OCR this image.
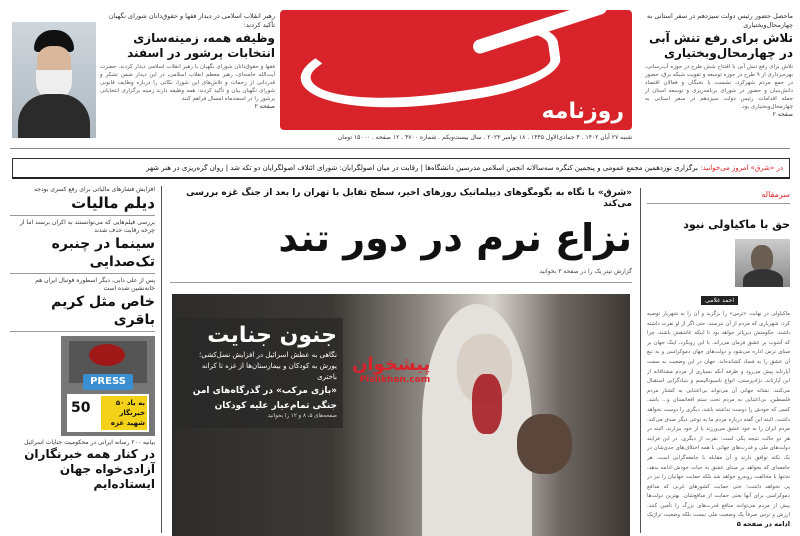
رهبر انقلاب اسلامی در دیدار فقها و حقوق‌دانان شورای نگهبان تأکید کردند:
وظیفه همه، زمینه‌سازی انتخابات پرشور در اسفند
فقها و حقوق‌دانان شورای نگهبان با رهبر انقلاب اسلامی دیدار کردند. حضرت آیت‌الله خامنه‌ای، رهبر معظم انقلاب اسلامی، در این دیدار ضمن تشکر و قدردانی از زحمات و تلاش‌های این شورا، نکاتی را درباره وظایف قانونی شورای نگهبان بیان و تأکید کردند: همه وظیفه دارند زمینه برگزاری انتخاباتی پرشور را در اسفندماه امسال فراهم کنند.
صفحه ۲	روزنامه
شنبه ۲۷ آبان ۱۴۰۲ . ۴ جمادی‌الاول ۱۴۴۵ . ۱۸ نوامبر ۲۰۲۳ . سال بیست‌ویکم . شماره ۴۷۰۰ . ۱۲ صفحه . ۱۵۰۰۰ تومان
ماحصل حضور رئیس دولت سیزدهم در سفر استانی به چهارمحال‌وبختیاری
تلاش برای رفع تنش آبی در چهارمحال‌وبختیاری
تلاش برای رفع تنش آبی با افتتاح شش طرح در حوزه آب‌رسانی، بهره‌برداری از ۹ طرح در حوزه توسعه و تقویت شبکه برق، حضور در جمع مردم شهرکرد، نشست با نخبگان و فعالان اقتصاد دانش‌بنیان و حضور در شورای برنامه‌ریزی و توسعه استان از جمله اقدامات رئیس دولت سیزدهم در سفر استانی به چهارمحال‌وبختیاری بود.
صفحه ۲
در «شرق» امروز می‌خوانید: برگزاری نوزدهمین مجمع عمومی و پنجمین کنگره سه‌سالانه انجمن اسلامی مدرسین دانشگاه‌ها | رقابت در میان اصولگرایان: شورای ائتلاف اصولگرایان دو تکه شد | روان گره‌ریزی در هنر شهر
افزایش فشارهای مالیاتی برای رفع کسری بودجه
دیلم مالیات
بررسی فیلم‌هایی که می‌توانستند به اکران برسند اما از چرخه رقابت حذف شدند
سینما در چنبره تک‌صدایی
پس از علی دایی، دیگر اسطوره فوتبال ایران هم خانه‌نشین شده است
خاص مثل کریم باقری
PRESS
50	به یاد ۵۰ خبرنگار شهید غزه
بیانیه ۲۰۰ رسانه ایرانی در محکومیت جنایات اسرائیل
در کنار همه خبرنگاران آزادی‌خواه جهان ایستاده‌ایم
«شرق» با نگاه به بگومگوهای دیپلماتیک روزهای اخیر، سطح تقابل با تهران را بعد از جنگ غزه بررسی می‌کند
نزاع نرم در دور تند
گزارش تیتر یک را در صفحه ۳ بخوانید
پیشخوان
Pishkhan.com
جنون جنایت
نگاهی به عطش اسرائیل در افزایش نسل‌کشی؛ یورش به کودکان و بیمارستان‌ها از غزه تا کرانه باختری
«بازی مرکب» در گذرگاه‌های امن
جنگی تمام‌عیار علیه کودکان
صفحه‌های ۵، ۸ و ۱۲ را بخوانید
سرمقاله
حق با ماکیاولی نبود
احمد غلامی
ماکیاولی در نهایت «ترس» را برگزید و آن را به شهریار توصیه کرد: شهریاری که مردم از آن بترسند، حتی اگر از او نفرت داشته باشند. حکومتش دیرپاتر خواهد بود تا اینکه عاشقش باشند، چرا که آشوب بر عشق فرمان می‌راند. با این رویکرد، اینک جهان بر مبنای ترس اداره می‌شود و دولت‌های جهان دموکراسی و به تبع آن عشق را به فساد کشانده‌اند. جهان در این وضعیت به سمت آپارتاید پیش می‌رود و طرفه آنکه بسیاری از مردم مشتاقانه از این آپارتاید، نژادپرستی، انواع ناسیونالیسم و بنیادگرایی استقبال می‌کنند. نشانه جهانی آن می‌تواند بی‌اعتنایی به کشتار مردم فلسطین، بی‌اعتنایی به مردم تحت ستم افغانستان و... باشد. کسی که خودش را دوست نداشته باشد، دیگری را دوست نخواهد داشت. البته این گفته درباره مردم ما به نوعی دیگر صدق می‌کند. مردم ایران را به خود عشق می‌ورزند یا از خود بیزارند. البته در هر دو حالت نتیجه یکی است: نفرت از دیگری. در این فرایند دولت‌های ملی و قدرت‌های جهانی با همه اختلاف‌های جدی‌شان در یک نکته توافق دارند و آن مقابله با جامعه‌گرایی است. هر جامعه‌ای که بخواهد بر مبنای عشق به حیات خودش ادامه بدهد، نه‌تنها با مخالفت روبه‌رو خواهد شد بلکه حمایت جهانیان را نیز در پی نخواهد داشت؛ حتی حمایت کشورهای غربی که مدافع دموکراسی برای آنها یعنی حمایت از منافع‌شان. بهترین دولت‌ها بیش از مردم می‌توانند منافع قدرت‌های بزرگ را تأمین کنند. ارزش و ترس صرفاً یک وضعیت ملی نیست بلکه وضعیت تراژیک
ادامه در صفحه ۵
